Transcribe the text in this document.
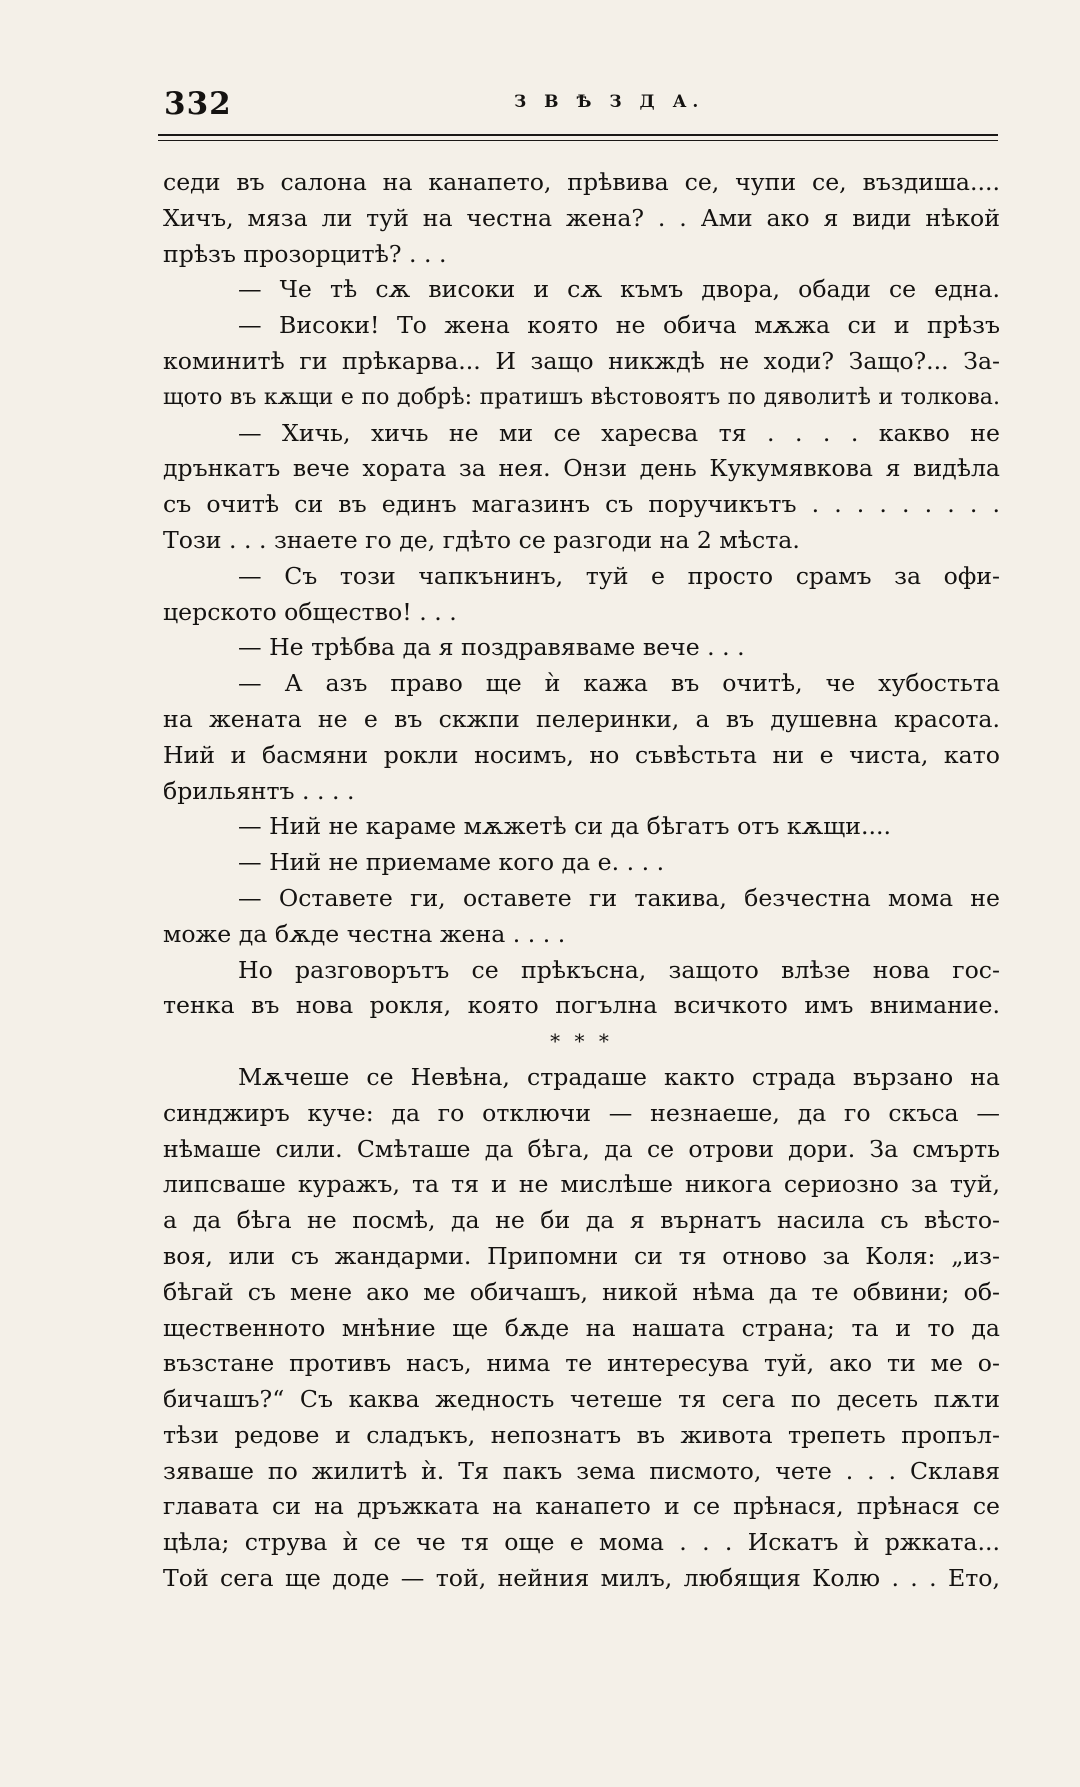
332	З В Ѣ З Д А.
седи въ салона на канапето, прѣвива се, чупи се, въздиша....
Хичъ, мяза ли туй на честна жена? . . Ами ако я види нѣкой
прѣзъ прозорцитѣ? . . .
— Че тѣ сѫ високи и сѫ къмъ двора, обади се една.
— Високи! То жена която не обича мѫжа си и прѣзъ
коминитѣ ги прѣкарва... И защо никждѣ не ходи? Защо?... За-
щото въ кѫщи е по добрѣ: пратишъ вѣстовоятъ по дяволитѣ и толкова.
— Хичь, хичь не ми се харесва тя . . . . какво не
дрънкатъ вече хората за нея. Онзи день Кукумявкова я видѣла
съ очитѣ си въ единъ магазинъ съ поручикътъ . . . . . . . . .
Този . . . знаете го де, гдѣто се разгоди на 2 мѣста.
— Съ този чапкънинъ, туй е просто срамъ за офи-
церското общество! . . .
— Не трѣбва да я поздравяваме вече . . .
— А азъ право ще ѝ кажа въ очитѣ, че хубостьта
на жената не е въ скжпи пелеринки, а въ душевна красота.
Ний и басмяни рокли носимъ, но съвѣстьта ни е чиста, като
брильянтъ . . . .
— Ний не караме мѫжетѣ си да бѣгатъ отъ кѫщи....
— Ний не приемаме кого да е. . . .
— Оставете ги, оставете ги такива, безчестна мома не
може да бѫде честна жена . . . .
Но разговорътъ се прѣкъсна, защото влѣзе нова гос-
тенка въ нова рокля, която погълна всичкото имъ внимание.
* * *
Мѫчеше се Невѣна, страдаше както страда вързано на
синджиръ куче: да го отключи — незнаеше, да го скъса —
нѣмаше сили. Смѣташе да бѣга, да се отрови дори. За смърть
липсваше куражъ, та тя и не мислѣше никога сериозно за туй,
а да бѣга не посмѣ, да не би да я върнатъ насила съ вѣсто-
воя, или съ жандарми. Припомни си тя отново за Коля: „из-
бѣгай съ мене ако ме обичашъ, никой нѣма да те обвини; об-
щественното мнѣние ще бѫде на нашата страна; та и то да
възстане противъ насъ, нима те интересува туй, ако ти ме о-
бичашъ?“ Съ каква жедность четеше тя сега по десеть пѫти
тѣзи редове и сладъкъ, непознатъ въ живота трепеть пропъл-
зяваше по жилитѣ ѝ. Тя пакъ зема писмото, чете . . . Склавя
главата си на дръжката на канапето и се прѣнася, прѣнася се
цѣла; струва ѝ се че тя още е мома . . . Искатъ ѝ ржката...
Той сега ще доде — той, нейния милъ, любящия Колю . . . Ето,
